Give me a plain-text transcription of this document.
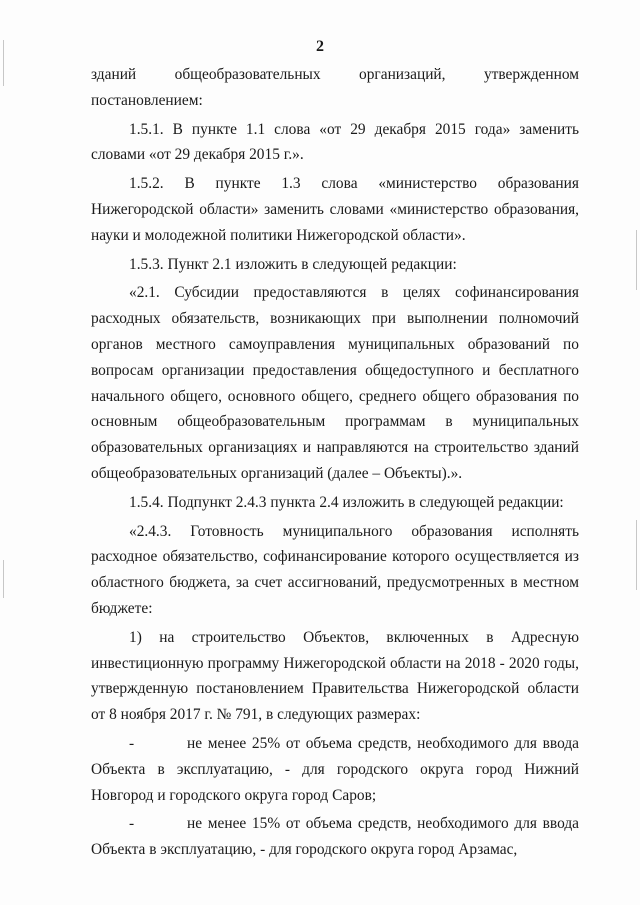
2

зданий общеобразовательных организаций, утвержденном постановлением:

1.5.1. В пункте 1.1 слова «от 29 декабря 2015 года» заменить словами «от 29 декабря 2015 г.».

1.5.2. В пункте 1.3 слова «министерство образования Нижегородской области» заменить словами «министерство образования, науки и молодежной политики Нижегородской области».

1.5.3. Пункт 2.1 изложить в следующей редакции:

«2.1. Субсидии предоставляются в целях софинансирования расходных обязательств, возникающих при выполнении полномочий органов местного самоуправления муниципальных образований по вопросам организации предоставления общедоступного и бесплатного начального общего, основного общего, среднего общего образования по основным общеобразовательным программам в муниципальных образовательных организациях и направляются на строительство зданий общеобразовательных организаций (далее – Объекты).».

1.5.4. Подпункт 2.4.3 пункта 2.4 изложить в следующей редакции:

«2.4.3. Готовность муниципального образования исполнять расходное обязательство, софинансирование которого осуществляется из областного бюджета, за счет ассигнований, предусмотренных в местном бюджете:

1) на строительство Объектов, включенных в Адресную инвестиционную программу Нижегородской области на 2018 - 2020 годы, утвержденную постановлением Правительства Нижегородской области от 8 ноября 2017 г. № 791, в следующих размерах:

-	не менее 25% от объема средств, необходимого для ввода Объекта в эксплуатацию, - для городского округа город Нижний Новгород и городского округа город Саров;

-	не менее 15% от объема средств, необходимого для ввода Объекта в эксплуатацию, - для городского округа город Арзамас,
